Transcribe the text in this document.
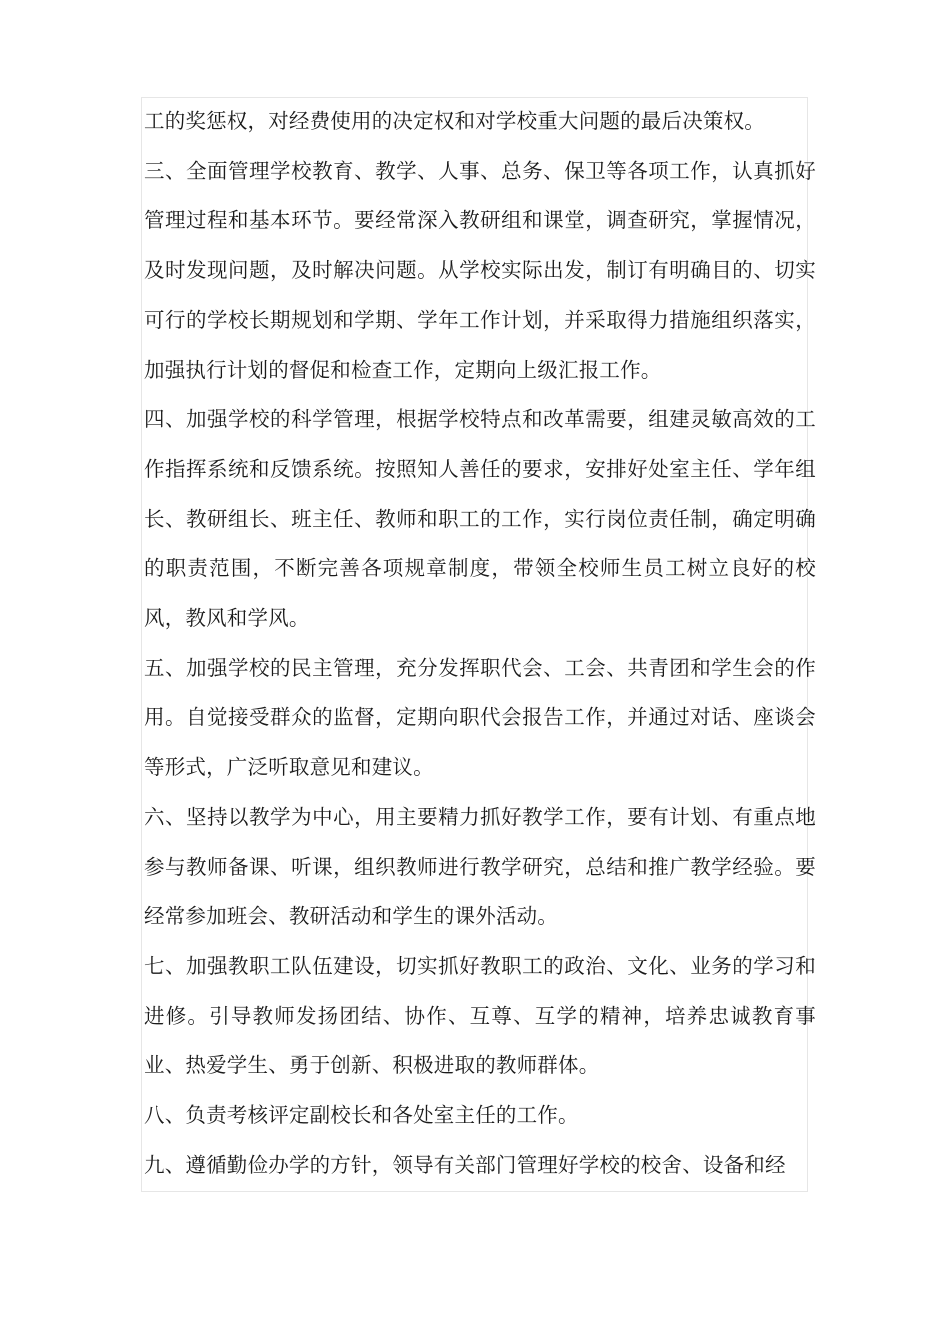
工的奖惩权，对经费使用的决定权和对学校重大问题的最后决策权。

三、全面管理学校教育、教学、人事、总务、保卫等各项工作，认真抓好管理过程和基本环节。要经常深入教研组和课堂，调查研究，掌握情况，及时发现问题，及时解决问题。从学校实际出发，制订有明确目的、切实可行的学校长期规划和学期、学年工作计划，并采取得力措施组织落实，加强执行计划的督促和检查工作，定期向上级汇报工作。

四、加强学校的科学管理，根据学校特点和改革需要，组建灵敏高效的工作指挥系统和反馈系统。按照知人善任的要求，安排好处室主任、学年组长、教研组长、班主任、教师和职工的工作，实行岗位责任制，确定明确的职责范围，不断完善各项规章制度，带领全校师生员工树立良好的校风，教风和学风。

五、加强学校的民主管理，充分发挥职代会、工会、共青团和学生会的作用。自觉接受群众的监督，定期向职代会报告工作，并通过对话、座谈会等形式，广泛听取意见和建议。

六、坚持以教学为中心，用主要精力抓好教学工作，要有计划、有重点地参与教师备课、听课，组织教师进行教学研究，总结和推广教学经验。要经常参加班会、教研活动和学生的课外活动。

七、加强教职工队伍建设，切实抓好教职工的政治、文化、业务的学习和进修。引导教师发扬团结、协作、互尊、互学的精神，培养忠诚教育事业、热爱学生、勇于创新、积极进取的教师群体。

八、负责考核评定副校长和各处室主任的工作。

九、遵循勤俭办学的方针，领导有关部门管理好学校的校舍、设备和经
